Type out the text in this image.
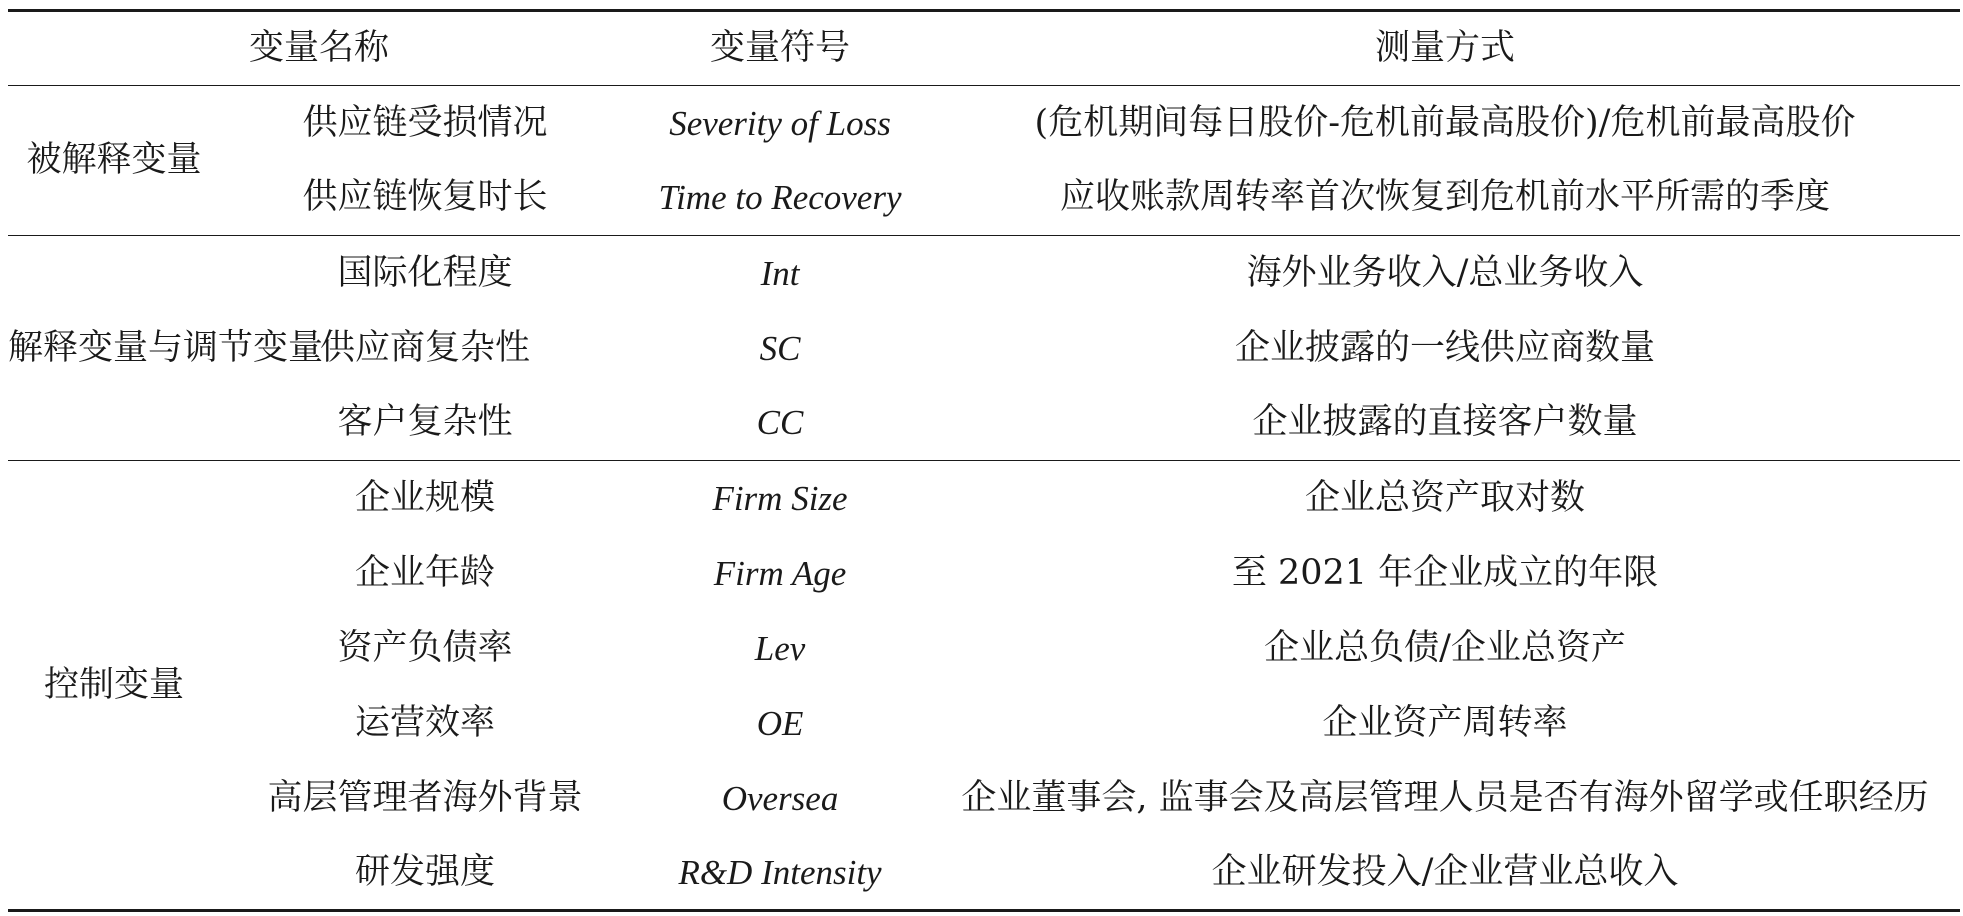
变量名称		变量符号	测量方式
被解释变量	供应链受损情况	Severity of Loss	(危机期间每日股价-危机前最高股价)/危机前最高股价
	供应链恢复时长	Time to Recovery	应收账款周转率首次恢复到危机前水平所需的季度
解释变量与调节变量	国际化程度	Int	海外业务收入/总业务收入
	供应商复杂性	SC	企业披露的一线供应商数量
	客户复杂性	CC	企业披露的直接客户数量
控制变量	企业规模	Firm Size	企业总资产取对数
	企业年龄	Firm Age	至 2021 年企业成立的年限
	资产负债率	Lev	企业总负债/企业总资产
	运营效率	OE	企业资产周转率
	高层管理者海外背景	Oversea	企业董事会, 监事会及高层管理人员是否有海外留学或任职经历
	研发强度	R&D Intensity	企业研发投入/企业营业总收入
